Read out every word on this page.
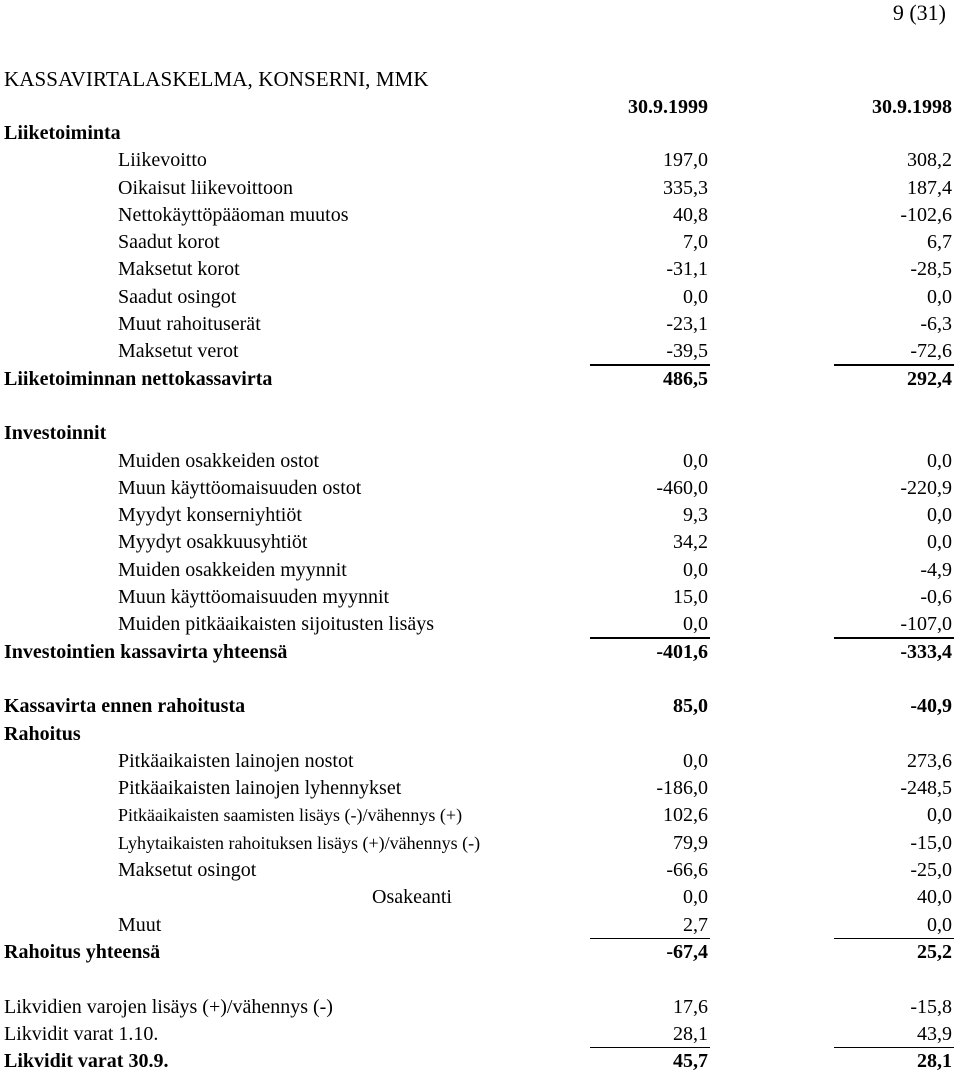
9 (31)
KASSAVIRTALASKELMA, KONSERNI, MMK
30.9.1999	30.9.1998
Liiketoiminta
Liikevoitto	197,0	308,2
Oikaisut liikevoittoon	335,3	187,4
Nettokäyttöpääoman muutos	40,8	-102,6
Saadut korot	7,0	6,7
Maksetut korot	-31,1	-28,5
Saadut osingot	0,0	0,0
Muut rahoituserät	-23,1	-6,3
Maksetut verot	-39,5	-72,6
Liiketoiminnan nettokassavirta	486,5	292,4
Investoinnit
Muiden osakkeiden ostot	0,0	0,0
Muun käyttöomaisuuden ostot	-460,0	-220,9
Myydyt konserniyhtiöt	9,3	0,0
Myydyt osakkuusyhtiöt	34,2	0,0
Muiden osakkeiden myynnit	0,0	-4,9
Muun käyttöomaisuuden myynnit	15,0	-0,6
Muiden pitkäaikaisten sijoitusten lisäys	0,0	-107,0
Investointien kassavirta yhteensä	-401,6	-333,4
Kassavirta ennen rahoitusta	85,0	-40,9
Rahoitus
Pitkäaikaisten lainojen nostot	0,0	273,6
Pitkäaikaisten lainojen lyhennykset	-186,0	-248,5
Pitkäaikaisten saamisten lisäys (-)/vähennys (+)	102,6	0,0
Lyhytaikaisten rahoituksen lisäys (+)/vähennys (-)	79,9	-15,0
Maksetut osingot	-66,6	-25,0
Osakeanti	0,0	40,0
Muut	2,7	0,0
Rahoitus yhteensä	-67,4	25,2
Likvidien varojen lisäys (+)/vähennys (-)	17,6	-15,8
Likvidit varat 1.10.	28,1	43,9
Likvidit varat 30.9.	45,7	28,1
